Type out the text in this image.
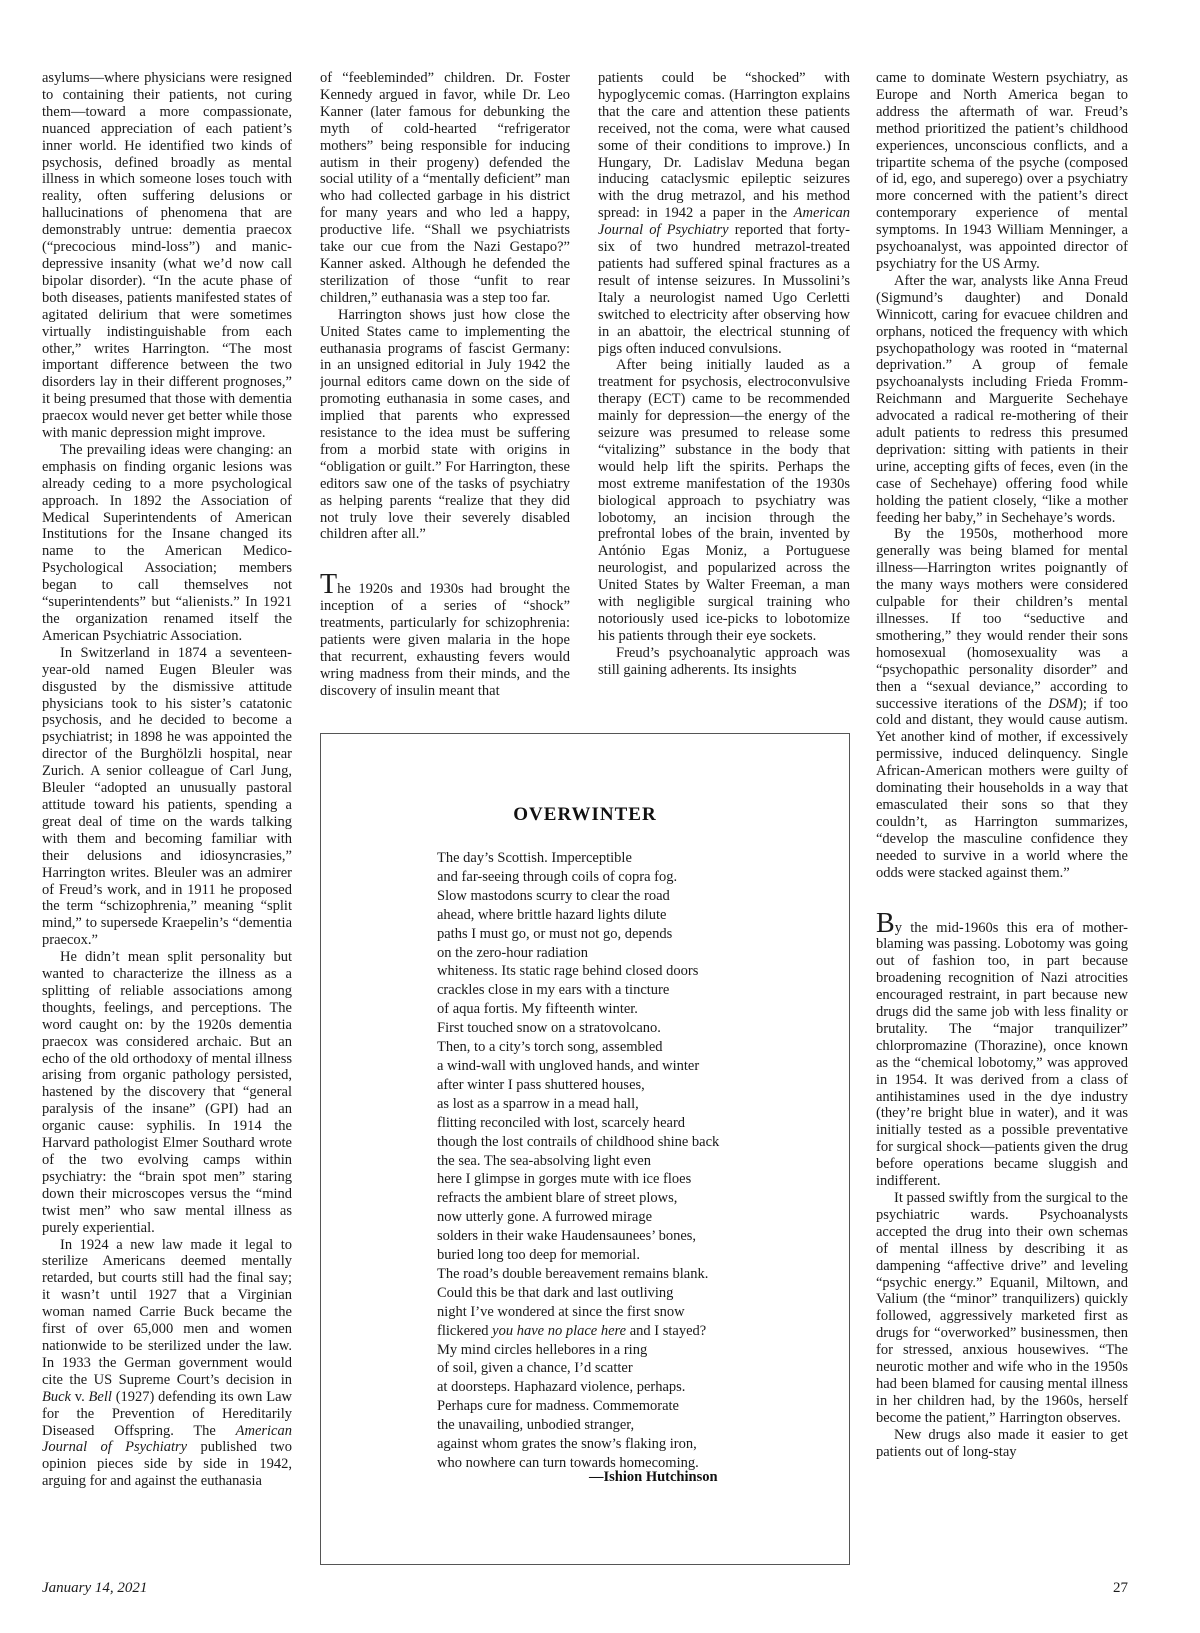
asylums—where physicians were resigned to containing their patients, not curing them—toward a more compassionate, nuanced appreciation of each patient’s inner world. He identified two kinds of psychosis, defined broadly as mental illness in which someone loses touch with reality, often suffering delusions or hallucinations of phenomena that are demonstrably untrue: dementia praecox (“precocious mind-loss”) and manic-depressive insanity (what we’d now call bipolar disorder). “In the acute phase of both diseases, patients manifested states of agitated delirium that were sometimes virtually indistinguishable from each other,” writes Harrington. “The most important difference between the two disorders lay in their different prognoses,” it being presumed that those with dementia praecox would never get better while those with manic depression might improve.

The prevailing ideas were changing: an emphasis on finding organic lesions was already ceding to a more psychological approach. In 1892 the Association of Medical Superintendents of American Institutions for the Insane changed its name to the American Medico-Psychological Association; members began to call themselves not “superintendents” but “alienists.” In 1921 the organization renamed itself the American Psychiatric Association.

In Switzerland in 1874 a seventeen-year-old named Eugen Bleuler was disgusted by the dismissive attitude physicians took to his sister’s catatonic psychosis, and he decided to become a psychiatrist; in 1898 he was appointed the director of the Burghölzli hospital, near Zurich. A senior colleague of Carl Jung, Bleuler “adopted an unusually pastoral attitude toward his patients, spending a great deal of time on the wards talking with them and becoming familiar with their delusions and idiosyncrasies,” Harrington writes. Bleuler was an admirer of Freud’s work, and in 1911 he proposed the term “schizophrenia,” meaning “split mind,” to supersede Kraepelin’s “dementia praecox.”

He didn’t mean split personality but wanted to characterize the illness as a splitting of reliable associations among thoughts, feelings, and perceptions. The word caught on: by the 1920s dementia praecox was considered archaic. But an echo of the old orthodoxy of mental illness arising from organic pathology persisted, hastened by the discovery that “general paralysis of the insane” (GPI) had an organic cause: syphilis. In 1914 the Harvard pathologist Elmer Southard wrote of the two evolving camps within psychiatry: the “brain spot men” staring down their microscopes versus the “mind twist men” who saw mental illness as purely experiential.

In 1924 a new law made it legal to sterilize Americans deemed mentally retarded, but courts still had the final say; it wasn’t until 1927 that a Virginian woman named Carrie Buck became the first of over 65,000 men and women nationwide to be sterilized under the law. In 1933 the German government would cite the US Supreme Court’s decision in Buck v. Bell (1927) defending its own Law for the Prevention of Hereditarily Diseased Offspring. The American Journal of Psychiatry published two opinion pieces side by side in 1942, arguing for and against the euthanasia

of “feebleminded” children. Dr. Foster Kennedy argued in favor, while Dr. Leo Kanner (later famous for debunking the myth of cold-hearted “refrigerator mothers” being responsible for inducing autism in their progeny) defended the social utility of a “mentally deficient” man who had collected garbage in his district for many years and who led a happy, productive life. “Shall we psychiatrists take our cue from the Nazi Gestapo?” Kanner asked. Although he defended the sterilization of those “unfit to rear children,” euthanasia was a step too far.

Harrington shows just how close the United States came to implementing the euthanasia programs of fascist Germany: in an unsigned editorial in July 1942 the journal editors came down on the side of promoting euthanasia in some cases, and implied that parents who expressed resistance to the idea must be suffering from a morbid state with origins in “obligation or guilt.” For Harrington, these editors saw one of the tasks of psychiatry as helping parents “realize that they did not truly love their severely disabled children after all.”

The 1920s and 1930s had brought the inception of a series of “shock” treatments, particularly for schizophrenia: patients were given malaria in the hope that recurrent, exhausting fevers would wring madness from their minds, and the discovery of insulin meant that

patients could be “shocked” with hypoglycemic comas. (Harrington explains that the care and attention these patients received, not the coma, were what caused some of their conditions to improve.) In Hungary, Dr. Ladislav Meduna began inducing cataclysmic epileptic seizures with the drug metrazol, and his method spread: in 1942 a paper in the American Journal of Psychiatry reported that forty-six of two hundred metrazol-treated patients had suffered spinal fractures as a result of intense seizures. In Mussolini’s Italy a neurologist named Ugo Cerletti switched to electricity after observing how in an abattoir, the electrical stunning of pigs often induced convulsions.

After being initially lauded as a treatment for psychosis, electroconvulsive therapy (ECT) came to be recommended mainly for depression—the energy of the seizure was presumed to release some “vitalizing” substance in the body that would help lift the spirits. Perhaps the most extreme manifestation of the 1930s biological approach to psychiatry was lobotomy, an incision through the prefrontal lobes of the brain, invented by António Egas Moniz, a Portuguese neurologist, and popularized across the United States by Walter Freeman, a man with negligible surgical training who notoriously used ice-picks to lobotomize his patients through their eye sockets.

Freud’s psychoanalytic approach was still gaining adherents. Its insights

came to dominate Western psychiatry, as Europe and North America began to address the aftermath of war. Freud’s method prioritized the patient’s childhood experiences, unconscious conflicts, and a tripartite schema of the psyche (composed of id, ego, and superego) over a psychiatry more concerned with the patient’s direct contemporary experience of mental symptoms. In 1943 William Menninger, a psychoanalyst, was appointed director of psychiatry for the US Army.

After the war, analysts like Anna Freud (Sigmund’s daughter) and Donald Winnicott, caring for evacuee children and orphans, noticed the frequency with which psychopathology was rooted in “maternal deprivation.” A group of female psychoanalysts including Frieda Fromm-Reichmann and Marguerite Sechehaye advocated a radical re-mothering of their adult patients to redress this presumed deprivation: sitting with patients in their urine, accepting gifts of feces, even (in the case of Sechehaye) offering food while holding the patient closely, “like a mother feeding her baby,” in Sechehaye’s words.

By the 1950s, motherhood more generally was being blamed for mental illness—Harrington writes poignantly of the many ways mothers were considered culpable for their children’s mental illnesses. If too “seductive and smothering,” they would render their sons homosexual (homosexuality was a “psychopathic personality disorder” and then a “sexual deviance,” according to successive iterations of the DSM); if too cold and distant, they would cause autism. Yet another kind of mother, if excessively permissive, induced delinquency. Single African-American mothers were guilty of dominating their households in a way that emasculated their sons so that they couldn’t, as Harrington summarizes, “develop the masculine confidence they needed to survive in a world where the odds were stacked against them.”

By the mid-1960s this era of mother-blaming was passing. Lobotomy was going out of fashion too, in part because broadening recognition of Nazi atrocities encouraged restraint, in part because new drugs did the same job with less finality or brutality. The “major tranquilizer” chlorpromazine (Thorazine), once known as the “chemical lobotomy,” was approved in 1954. It was derived from a class of antihistamines used in the dye industry (they’re bright blue in water), and it was initially tested as a possible preventative for surgical shock—patients given the drug before operations became sluggish and indifferent.

It passed swiftly from the surgical to the psychiatric wards. Psychoanalysts accepted the drug into their own schemas of mental illness by describing it as dampening “affective drive” and leveling “psychic energy.” Equanil, Miltown, and Valium (the “minor” tranquilizers) quickly followed, aggressively marketed first as drugs for “overworked” businessmen, then for stressed, anxious housewives. “The neurotic mother and wife who in the 1950s had been blamed for causing mental illness in her children had, by the 1960s, herself become the patient,” Harrington observes.

New drugs also made it easier to get patients out of long-stay

OVERWINTER
The day’s Scottish. Imperceptible
and far-seeing through coils of copra fog.
Slow mastodons scurry to clear the road
ahead, where brittle hazard lights dilute
paths I must go, or must not go, depends
on the zero-hour radiation
whiteness. Its static rage behind closed doors
crackles close in my ears with a tincture
of aqua fortis. My fifteenth winter.
First touched snow on a stratovolcano.
Then, to a city’s torch song, assembled
a wind-wall with ungloved hands, and winter
after winter I pass shuttered houses,
as lost as a sparrow in a mead hall,
flitting reconciled with lost, scarcely heard
though the lost contrails of childhood shine back
the sea. The sea-absolving light even
here I glimpse in gorges mute with ice floes
refracts the ambient blare of street plows,
now utterly gone. A furrowed mirage
solders in their wake Haudensaunees’ bones,
buried long too deep for memorial.
The road’s double bereavement remains blank.
Could this be that dark and last outliving
night I’ve wondered at since the first snow
flickered you have no place here and I stayed?
My mind circles hellebores in a ring
of soil, given a chance, I’d scatter
at doorsteps. Haphazard violence, perhaps.
Perhaps cure for madness. Commemorate
the unavailing, unbodied stranger,
against whom grates the snow’s flaking iron,
who nowhere can turn towards homecoming.
—Ishion Hutchinson
January 14, 2021	27
